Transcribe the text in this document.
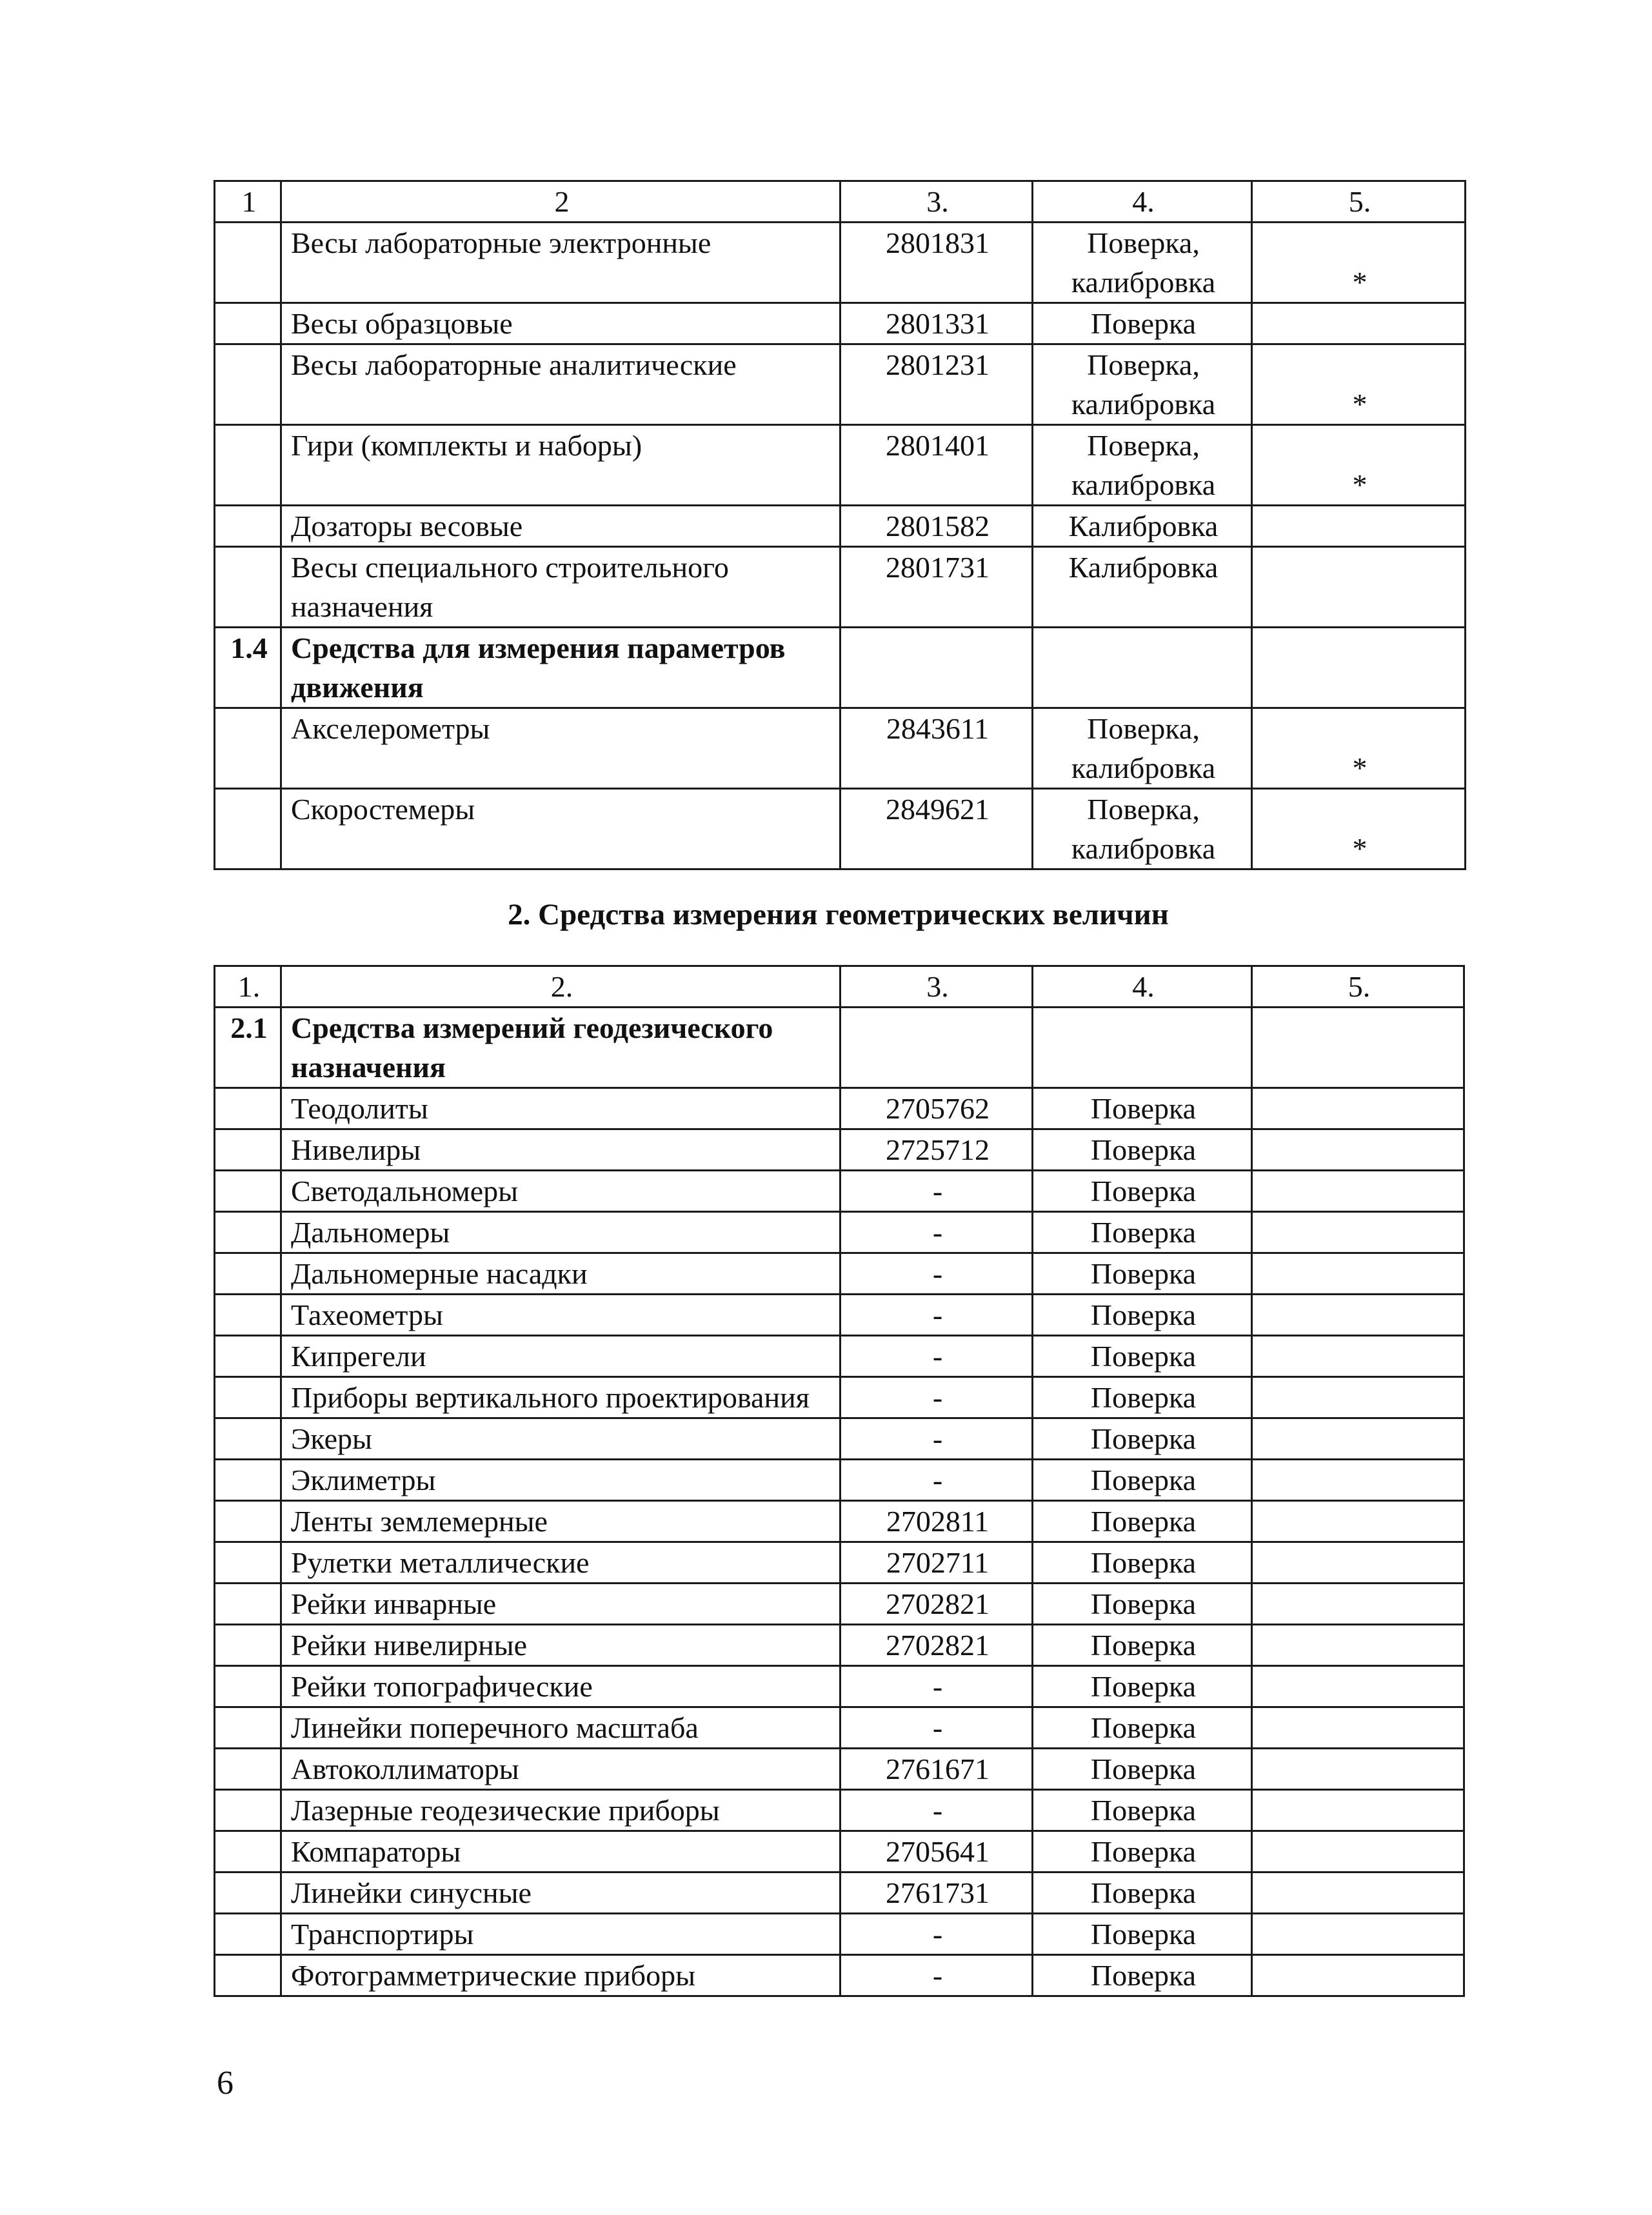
1	2	3.	4.	5.
	Весы лабораторные электронные	2801831	Поверка, калибровка	*
	Весы образцовые	2801331	Поверка	
	Весы лабораторные аналитические	2801231	Поверка, калибровка	*
	Гири (комплекты и наборы)	2801401	Поверка, калибровка	*
	Дозаторы весовые	2801582	Калибровка	
	Весы специального строительного назначения	2801731	Калибровка	
1.4	Средства для измерения параметров движения			
	Акселерометры	2843611	Поверка, калибровка	*
	Скоростемеры	2849621	Поверка, калибровка	*
2. Средства измерения геометрических величин
1.	2.	3.	4.	5.
2.1	Средства измерений геодезического назначения			
	Теодолиты	2705762	Поверка	
	Нивелиры	2725712	Поверка	
	Светодальномеры	-	Поверка	
	Дальномеры	-	Поверка	
	Дальномерные насадки	-	Поверка	
	Тахеометры	-	Поверка	
	Кипрегели	-	Поверка	
	Приборы вертикального проектирования	-	Поверка	
	Экеры	-	Поверка	
	Эклиметры	-	Поверка	
	Ленты землемерные	2702811	Поверка	
	Рулетки металлические	2702711	Поверка	
	Рейки инварные	2702821	Поверка	
	Рейки нивелирные	2702821	Поверка	
	Рейки топографические	-	Поверка	
	Линейки поперечного масштаба	-	Поверка	
	Автоколлиматоры	2761671	Поверка	
	Лазерные геодезические приборы	-	Поверка	
	Компараторы	2705641	Поверка	
	Линейки синусные	2761731	Поверка	
	Транспортиры	-	Поверка	
	Фотограмметрические приборы	-	Поверка	
6
